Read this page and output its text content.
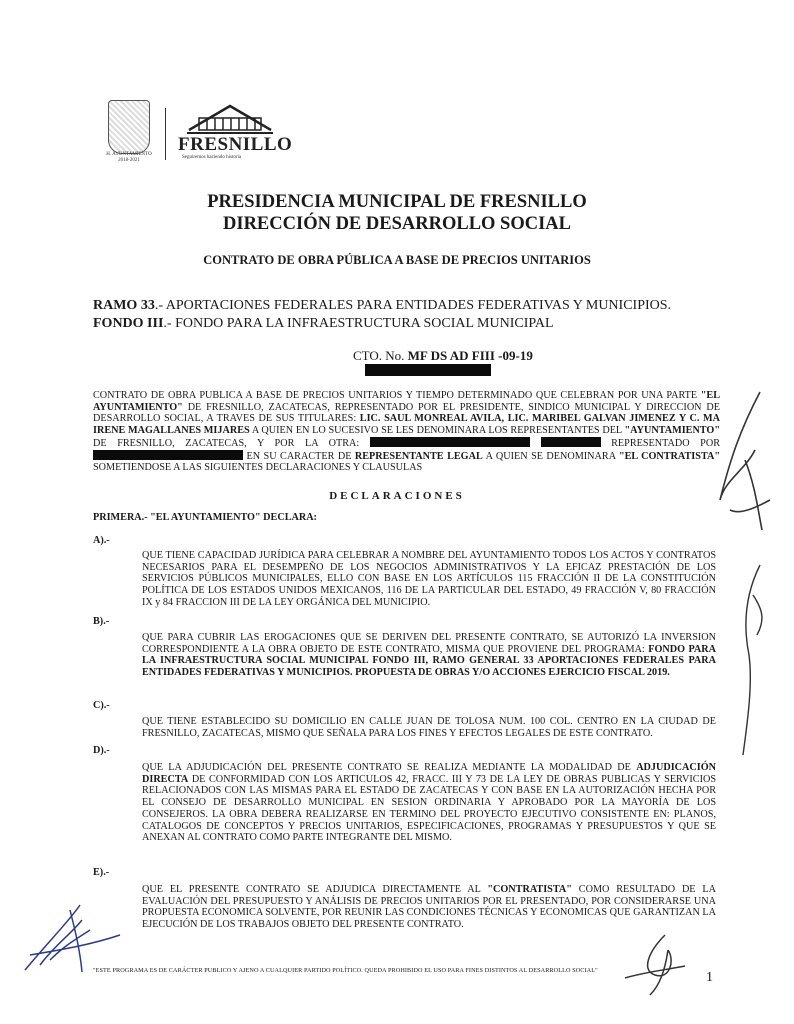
H. AYUNTAMIENTO
2018-2021
FRESNILLO
Seguiremos haciendo historia
PRESIDENCIA MUNICIPAL DE FRESNILLO
DIRECCIÓN DE DESARROLLO SOCIAL
CONTRATO DE OBRA PÚBLICA A BASE DE PRECIOS UNITARIOS
RAMO 33.- APORTACIONES FEDERALES PARA ENTIDADES FEDERATIVAS Y MUNICIPIOS.
FONDO III.- FONDO PARA LA INFRAESTRUCTURA SOCIAL MUNICIPAL
CTO. No. MF DS AD FIII -09-19
CONTRATO DE OBRA PUBLICA A BASE DE PRECIOS UNITARIOS Y TIEMPO DETERMINADO QUE CELEBRAN POR UNA PARTE "EL AYUNTAMIENTO" DE FRESNILLO, ZACATECAS, REPRESENTADO POR EL PRESIDENTE, SINDICO MUNICIPAL Y DIRECCION DE DESARROLLO SOCIAL, A TRAVES DE SUS TITULARES: LIC. SAUL MONREAL AVILA, LIC. MARIBEL GALVAN JIMENEZ Y C. MA IRENE MAGALLANES MIJARES A QUIEN EN LO SUCESIVO SE LES DENOMINARA LOS REPRESENTANTES DEL "AYUNTAMIENTO" DE FRESNILLO, ZACATECAS, Y POR LA OTRA:	REPRESENTADO POR  EN SU CARACTER DE REPRESENTANTE LEGAL A QUIEN SE DENOMINARA "EL CONTRATISTA" SOMETIENDOSE A LAS SIGUIENTES DECLARACIONES Y CLAUSULAS
DECLARACIONES
PRIMERA.- "EL AYUNTAMIENTO" DECLARA:
A).-
QUE TIENE CAPACIDAD JURÍDICA PARA CELEBRAR A NOMBRE DEL AYUNTAMIENTO TODOS LOS ACTOS Y CONTRATOS NECESARIOS PARA EL DESEMPEÑO DE LOS NEGOCIOS ADMINISTRATIVOS Y LA EFICAZ PRESTACIÓN DE LOS SERVICIOS PÚBLICOS MUNICIPALES, ELLO CON BASE EN LOS ARTÍCULOS 115 FRACCIÓN II DE LA CONSTITUCIÓN POLÍTICA DE LOS ESTADOS UNIDOS MEXICANOS, 116 DE LA PARTICULAR DEL ESTADO, 49 FRACCIÓN V, 80 FRACCIÓN IX y 84 FRACCION III DE LA LEY ORGÁNICA DEL MUNICIPIO.
B).-
QUE PARA CUBRIR LAS EROGACIONES QUE SE DERIVEN DEL PRESENTE CONTRATO, SE AUTORIZÓ LA INVERSION CORRESPONDIENTE A LA OBRA OBJETO DE ESTE CONTRATO, MISMA QUE PROVIENE DEL PROGRAMA: FONDO PARA LA INFRAESTRUCTURA SOCIAL MUNICIPAL FONDO III, RAMO GENERAL 33 APORTACIONES FEDERALES PARA ENTIDADES FEDERATIVAS Y MUNICIPIOS. PROPUESTA DE OBRAS Y/O ACCIONES EJERCICIO FISCAL 2019.
C).-
QUE TIENE ESTABLECIDO SU DOMICILIO EN CALLE JUAN DE TOLOSA NUM. 100 COL. CENTRO EN LA CIUDAD DE FRESNILLO, ZACATECAS, MISMO QUE SEÑALA PARA LOS FINES Y EFECTOS LEGALES DE ESTE CONTRATO.
D).-
QUE LA ADJUDICACIÓN DEL PRESENTE CONTRATO SE REALIZA MEDIANTE LA MODALIDAD DE ADJUDICACIÓN DIRECTA DE CONFORMIDAD CON LOS ARTICULOS 42, FRACC. III Y 73 DE LA LEY DE OBRAS PUBLICAS Y SERVICIOS RELACIONADOS CON LAS MISMAS PARA EL ESTADO DE ZACATECAS Y CON BASE EN LA AUTORIZACIÓN HECHA POR EL CONSEJO DE DESARROLLO MUNICIPAL EN SESION ORDINARIA Y APROBADO POR LA MAYORÍA DE LOS CONSEJEROS. LA OBRA DEBERA REALIZARSE EN TERMINO DEL PROYECTO EJECUTIVO CONSISTENTE EN: PLANOS, CATALOGOS DE CONCEPTOS Y PRECIOS UNITARIOS, ESPECIFICACIONES, PROGRAMAS Y PRESUPUESTOS Y QUE SE ANEXAN AL CONTRATO COMO PARTE INTEGRANTE DEL MISMO.
E).-
QUE EL PRESENTE CONTRATO SE ADJUDICA DIRECTAMENTE AL "CONTRATISTA" COMO RESULTADO DE LA EVALUACIÓN DEL PRESUPUESTO Y ANÁLISIS DE PRECIOS UNITARIOS POR EL PRESENTADO, POR CONSIDERARSE UNA PROPUESTA ECONOMICA SOLVENTE, POR REUNIR LAS CONDICIONES TÉCNICAS Y ECONOMICAS QUE GARANTIZAN LA EJECUCIÓN DE LOS TRABAJOS OBJETO DEL PRESENTE CONTRATO.
"ESTE PROGRAMA ES DE CARÁCTER PUBLICO Y AJENO A CUALQUIER PARTIDO POLÍTICO. QUEDA PROHIBIDO EL USO PARA FINES DISTINTOS AL DESARROLLO SOCIAL"	1
